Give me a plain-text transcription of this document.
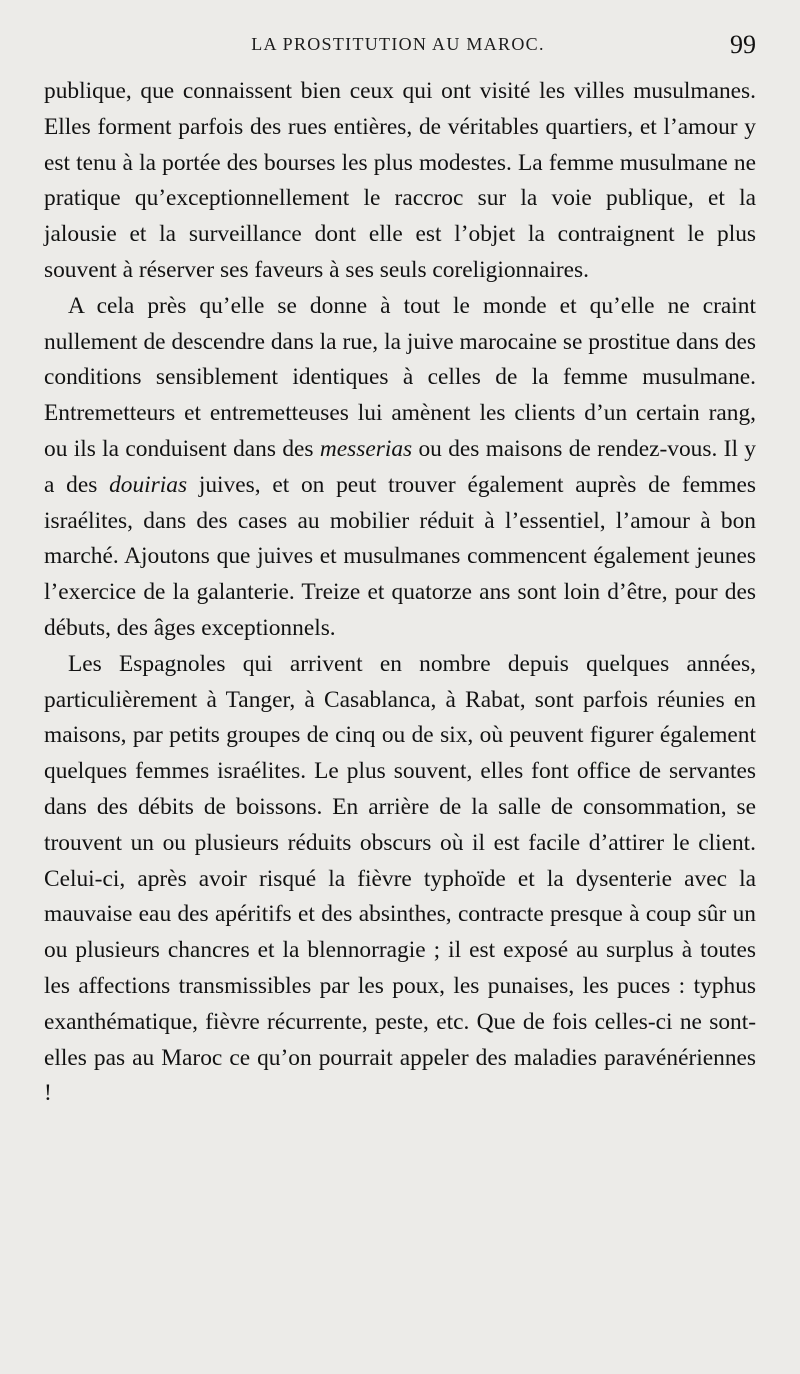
LA PROSTITUTION AU MAROC.	99

publique, que connaissent bien ceux qui ont visité les villes musulmanes. Elles forment parfois des rues entières, de véritables quartiers, et l’amour y est tenu à la portée des bourses les plus modestes. La femme musulmane ne pratique qu’exceptionnellement le raccroc sur la voie publique, et la jalousie et la surveillance dont elle est l’objet la contraignent le plus souvent à réserver ses faveurs à ses seuls coreligionnaires.

A cela près qu’elle se donne à tout le monde et qu’elle ne craint nullement de descendre dans la rue, la juive marocaine se prostitue dans des conditions sensiblement identiques à celles de la femme musulmane. Entremetteurs et entremetteuses lui amènent les clients d’un certain rang, ou ils la conduisent dans des messerias ou des maisons de rendez-vous. Il y a des douirias juives, et on peut trouver également auprès de femmes israélites, dans des cases au mobilier réduit à l’essentiel, l’amour à bon marché. Ajoutons que juives et musulmanes commencent également jeunes l’exercice de la galanterie. Treize et quatorze ans sont loin d’être, pour des débuts, des âges exceptionnels.

Les Espagnoles qui arrivent en nombre depuis quelques années, particulièrement à Tanger, à Casablanca, à Rabat, sont parfois réunies en maisons, par petits groupes de cinq ou de six, où peuvent figurer également quelques femmes israélites. Le plus souvent, elles font office de servantes dans des débits de boissons. En arrière de la salle de consommation, se trouvent un ou plusieurs réduits obscurs où il est facile d’attirer le client. Celui-ci, après avoir risqué la fièvre typhoïde et la dysenterie avec la mauvaise eau des apéritifs et des absinthes, contracte presque à coup sûr un ou plusieurs chancres et la blennorragie ; il est exposé au surplus à toutes les affections transmissibles par les poux, les punaises, les puces : typhus exanthématique, fièvre récurrente, peste, etc. Que de fois celles-ci ne sont-elles pas au Maroc ce qu’on pourrait appeler des maladies paravénériennes !
